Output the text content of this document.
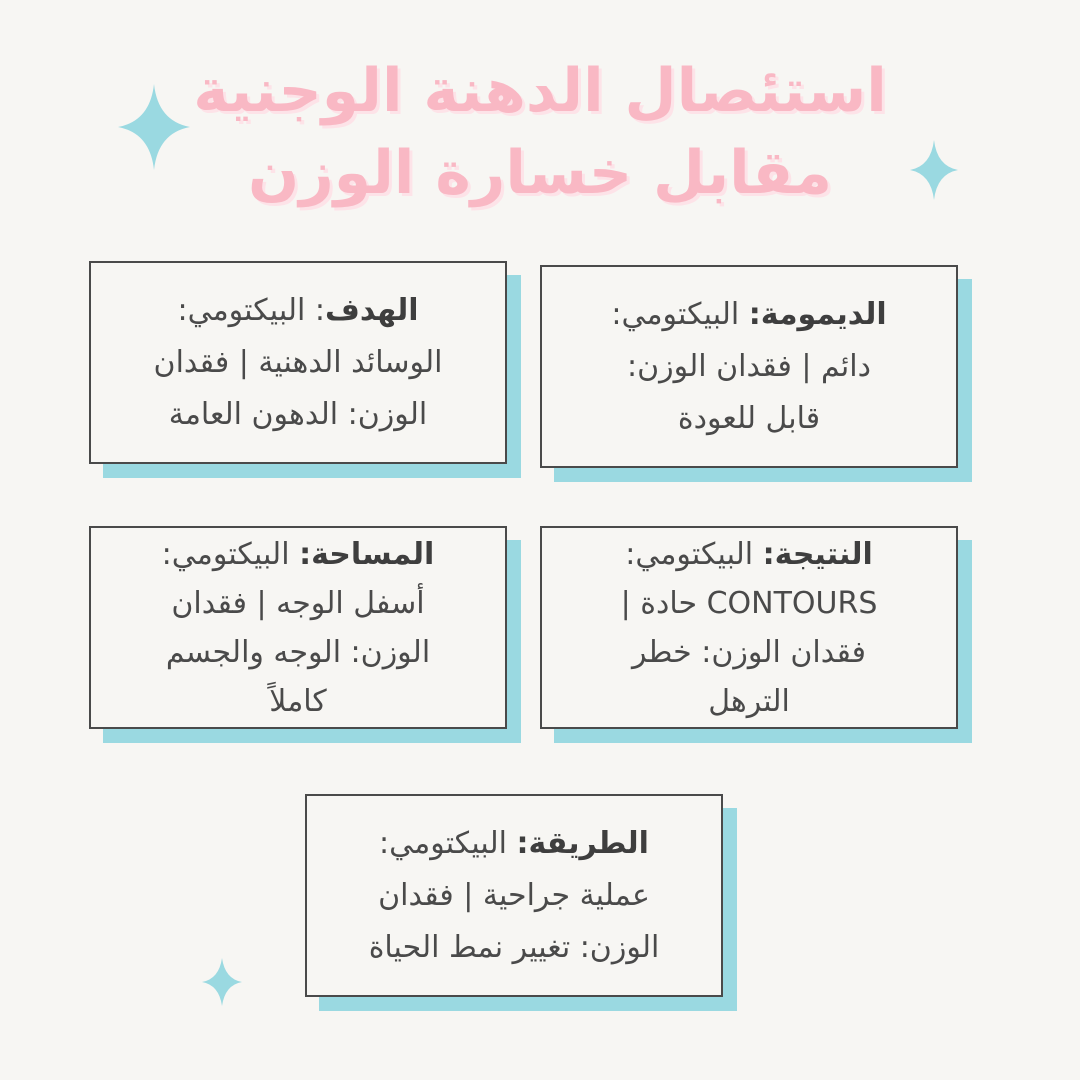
استئصال الدهنة الوجنية
مقابل خسارة الوزن
الهدف: البيكتومي:
الوسائد الدهنية | فقدان
الوزن: الدهون العامة
الديمومة: البيكتومي:
دائم | فقدان الوزن:
قابل للعودة
المساحة: البيكتومي:
أسفل الوجه | فقدان
الوزن: الوجه والجسم
كاملاً
النتيجة: البيكتومي:
CONTOURS حادة |
فقدان الوزن: خطر
الترهل
الطريقة: البيكتومي:
عملية جراحية | فقدان
الوزن: تغيير نمط الحياة
